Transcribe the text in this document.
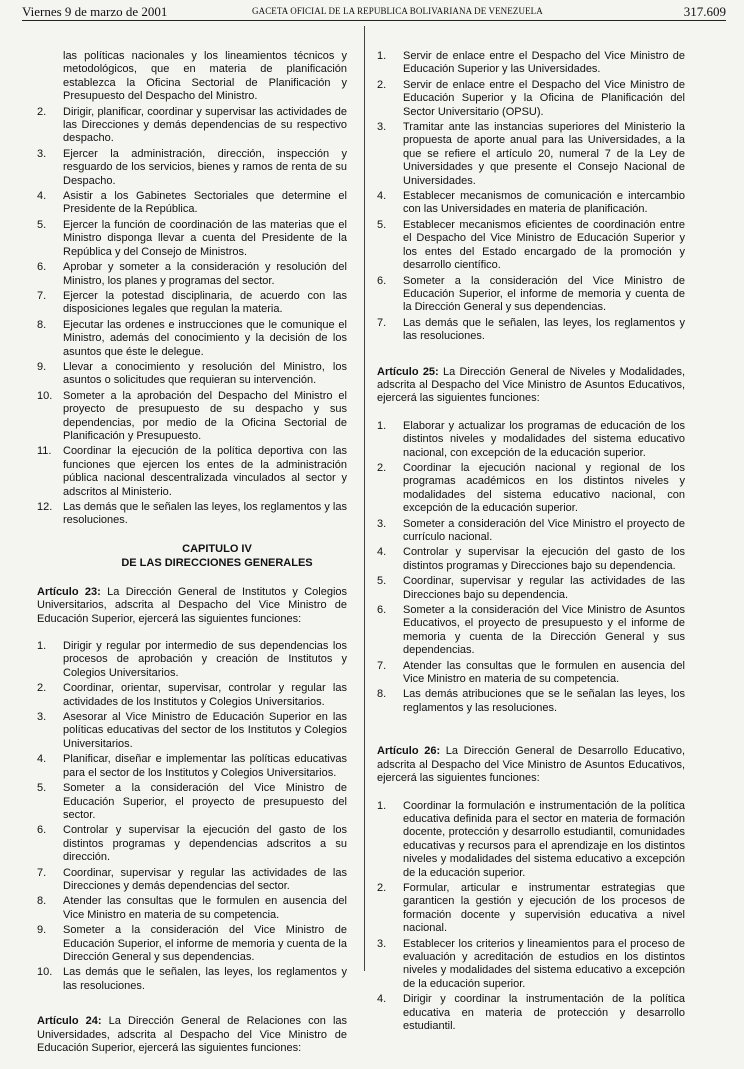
Viernes 9 de marzo de 2001	GACETA OFICIAL DE LA REPUBLICA BOLIVARIANA DE VENEZUELA	317.609
las políticas nacionales y los lineamientos técnicos y metodológicos, que en materia de planificación establezca la Oficina Sectorial de Planificación y Presupuesto del Despacho del Ministro.
2.	Dirigir, planificar, coordinar y supervisar las actividades de las Direcciones y demás dependencias de su respectivo despacho.
3.	Ejercer la administración, dirección, inspección y resguardo de los servicios, bienes y ramos de renta de su Despacho.
4.	Asistir a los Gabinetes Sectoriales que determine el Presidente de la República.
5.	Ejercer la función de coordinación de las materias que el Ministro disponga llevar a cuenta del Presidente de la República y del Consejo de Ministros.
6.	Aprobar y someter a la consideración y resolución del Ministro, los planes y programas del sector.
7.	Ejercer la potestad disciplinaria, de acuerdo con las disposiciones legales que regulan la materia.
8.	Ejecutar las ordenes e instrucciones que le comunique el Ministro, además del conocimiento y la decisión de los asuntos que éste le delegue.
9.	Llevar a conocimiento y resolución del Ministro, los asuntos o solicitudes que requieran su intervención.
10. Someter a la aprobación del Despacho del Ministro el proyecto de presupuesto de su despacho y sus dependencias, por medio de la Oficina Sectorial de Planificación y Presupuesto.
11.	Coordinar la ejecución de la política deportiva con las funciones que ejercen los entes de la administración pública nacional descentralizada vinculados al sector y adscritos al Ministerio.
12. Las demás que le señalen las leyes, los reglamentos y las resoluciones.
CAPITULO IV
DE LAS DIRECCIONES GENERALES

Artículo 23: La Dirección General de Institutos y Colegios Universitarios, adscrita al Despacho del Vice Ministro de Educación Superior, ejercerá las siguientes funciones:

1.	Dirigir y regular por intermedio de sus dependencias los procesos de aprobación y creación de Institutos y Colegios Universitarios.
2.	Coordinar, orientar, supervisar, controlar y regular las actividades de los Institutos y Colegios Universitarios.
3.	Asesorar al Vice Ministro de Educación Superior en las políticas educativas del sector de los Institutos y Colegios Universitarios.
4.	Planificar, diseñar e implementar las políticas educativas para el sector de los Institutos y Colegios Universitarios.
5.	Someter a la consideración del Vice Ministro de Educación Superior, el proyecto de presupuesto del sector.
6.	Controlar y supervisar la ejecución del gasto de los distintos programas y dependencias adscritos a su dirección.
7.	Coordinar, supervisar y regular las actividades de las Direcciones y demás dependencias del sector.
8.	Atender las consultas que le formulen en ausencia del Vice Ministro en materia de su competencia.
9.	Someter a la consideración del Vice Ministro de Educación Superior, el informe de memoria y cuenta de la Dirección General y sus dependencias.
10. Las demás que le señalen, las leyes, los reglamentos y las resoluciones.

Artículo 24: La Dirección General de Relaciones con las Universidades, adscrita al Despacho del Vice Ministro de Educación Superior, ejercerá las siguientes funciones:

1.	Servir de enlace entre el Despacho del Vice Ministro de Educación Superior y las Universidades.
2.	Servir de enlace entre el Despacho del Vice Ministro de Educación Superior y la Oficina de Planificación del Sector Universitario (OPSU).
3.	Tramitar ante las instancias superiores del Ministerio la propuesta de aporte anual para las Universidades, a la que se refiere el artículo 20, numeral 7 de la Ley de Universidades y que presente el Consejo Nacional de Universidades.
4.	Establecer mecanismos de comunicación e intercambio con las Universidades en materia de planificación.
5.	Establecer mecanismos eficientes de coordinación entre el Despacho del Vice Ministro de Educación Superior y los entes del Estado encargado de la promoción y desarrollo científico.
6.	Someter a la consideración del Vice Ministro de Educación Superior, el informe de memoria y cuenta de la Dirección General y sus dependencias.
7.	Las demás que le señalen, las leyes, los reglamentos y las resoluciones.

Artículo 25: La Dirección General de Niveles y Modalidades, adscrita al Despacho del Vice Ministro de Asuntos Educativos, ejercerá las siguientes funciones:

1.	Elaborar y actualizar los programas de educación de los distintos niveles y modalidades del sistema educativo nacional, con excepción de la educación superior.
2.	Coordinar la ejecución nacional y regional de los programas académicos en los distintos niveles y modalidades del sistema educativo nacional, con excepción de la educación superior.
3.	Someter a consideración del Vice Ministro el proyecto de currículo nacional.
4.	Controlar y supervisar la ejecución del gasto de los distintos programas y Direcciones bajo su dependencia.
5.	Coordinar, supervisar y regular las actividades de las Direcciones bajo su dependencia.
6.	Someter a la consideración del Vice Ministro de Asuntos Educativos, el proyecto de presupuesto y el informe de memoria y cuenta de la Dirección General y sus dependencias.
7.	Atender las consultas que le formulen en ausencia del Vice Ministro en materia de su competencia.
8.	Las demás atribuciones que se le señalan las leyes, los reglamentos y las resoluciones.

Artículo 26: La Dirección General de Desarrollo Educativo, adscrita al Despacho del Vice Ministro de Asuntos Educativos, ejercerá las siguientes funciones:

1.	Coordinar la formulación e instrumentación de la política educativa definida para el sector en materia de formación docente, protección y desarrollo estudiantil, comunidades educativas y recursos para el aprendizaje en los distintos niveles y modalidades del sistema educativo a excepción de la educación superior.
2.	Formular, articular e instrumentar estrategias que garanticen la gestión y ejecución de los procesos de formación docente y supervisión educativa a nivel nacional.
3.	Establecer los criterios y lineamientos para el proceso de evaluación y acreditación de estudios en los distintos niveles y modalidades del sistema educativo a excepción de la educación superior.
4.	Dirigir y coordinar la instrumentación de la política educativa en materia de protección y desarrollo estudiantil.
